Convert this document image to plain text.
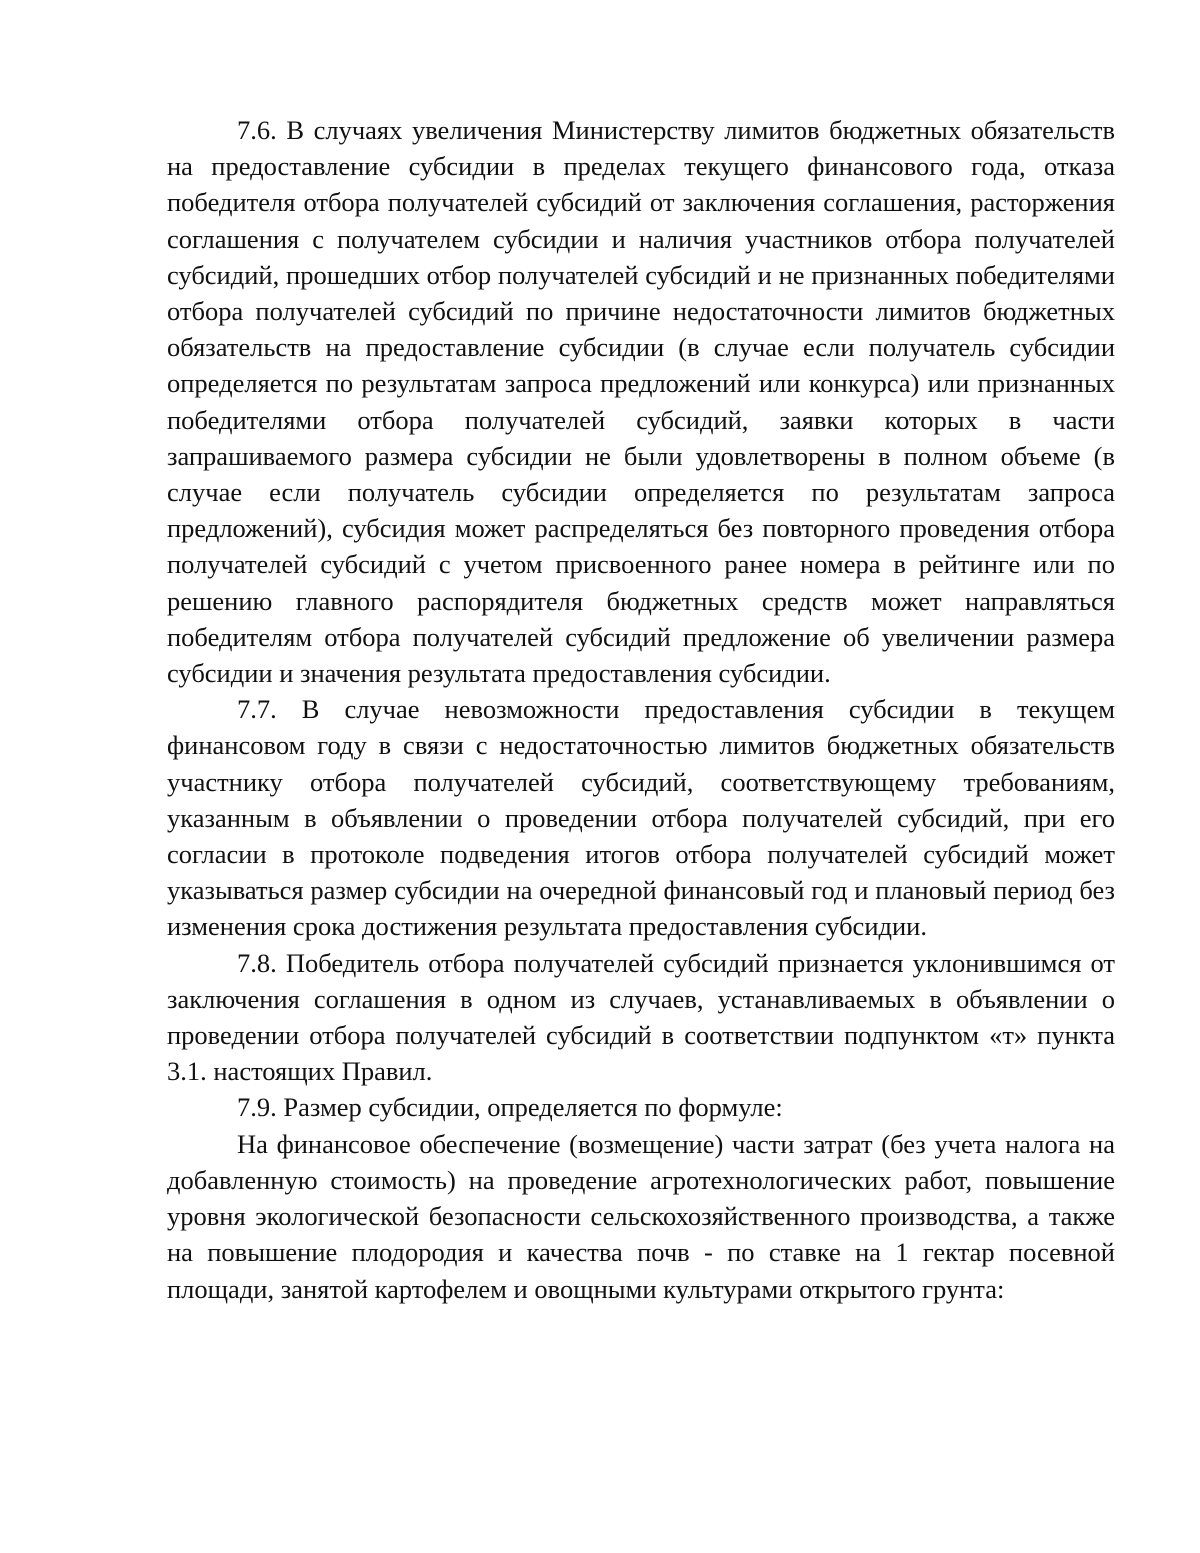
7.6. В случаях увеличения Министерству лимитов бюджетных обязательств на предоставление субсидии в пределах текущего финансового года, отказа победителя отбора получателей субсидий от заключения соглашения, расторжения соглашения с получателем субсидии и наличия участников отбора получателей субсидий, прошедших отбор получателей субсидий и не признанных победителями отбора получателей субсидий по причине недостаточности лимитов бюджетных обязательств на предоставление субсидии (в случае если получатель субсидии определяется по результатам запроса предложений или конкурса) или признанных победителями отбора получателей субсидий, заявки которых в части запрашиваемого размера субсидии не были удовлетворены в полном объеме (в случае если получатель субсидии определяется по результатам запроса предложений), субсидия может распределяться без повторного проведения отбора получателей субсидий с учетом присвоенного ранее номера в рейтинге или по решению главного распорядителя бюджетных средств может направляться победителям отбора получателей субсидий предложение об увеличении размера субсидии и значения результата предоставления субсидии.

7.7. В случае невозможности предоставления субсидии в текущем финансовом году в связи с недостаточностью лимитов бюджетных обязательств участнику отбора получателей субсидий, соответствующему требованиям, указанным в объявлении о проведении отбора получателей субсидий, при его согласии в протоколе подведения итогов отбора получателей субсидий может указываться размер субсидии на очередной финансовый год и плановый период без изменения срока достижения результата предоставления субсидии.

7.8. Победитель отбора получателей субсидий признается уклонившимся от заключения соглашения в одном из случаев, устанавливаемых в объявлении о проведении отбора получателей субсидий в соответствии подпунктом «т» пункта 3.1. настоящих Правил.

7.9. Размер субсидии, определяется по формуле:

На финансовое обеспечение (возмещение) части затрат (без учета налога на добавленную стоимость) на проведение агротехнологических работ, повышение уровня экологической безопасности сельскохозяйственного производства, а также на повышение плодородия и качества почв - по ставке на 1 гектар посевной площади, занятой картофелем и овощными культурами открытого грунта:
